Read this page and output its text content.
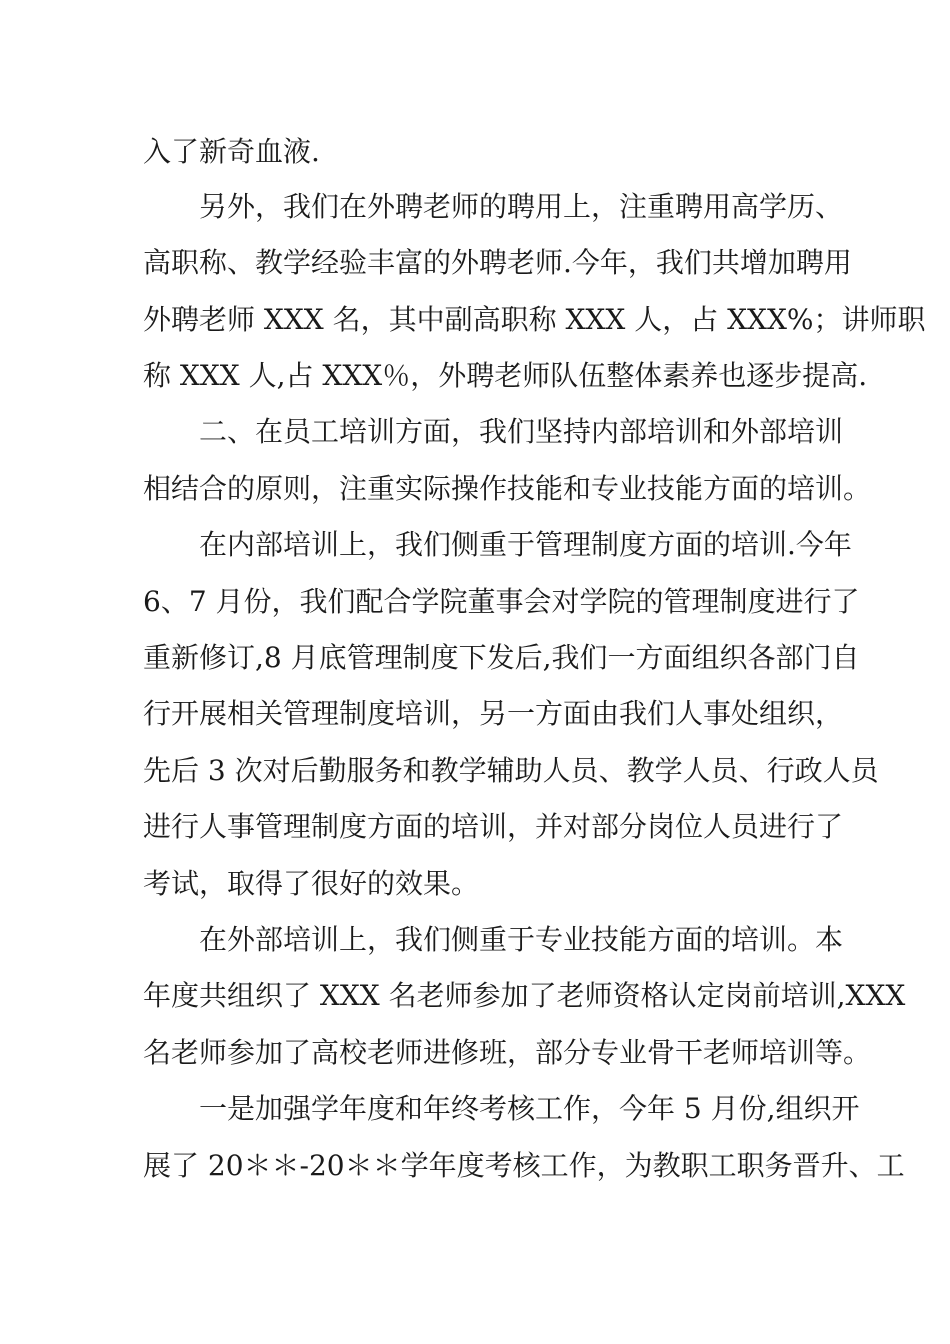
入了新奇血液.
另外，我们在外聘老师的聘用上，注重聘用高学历、
高职称、教学经验丰富的外聘老师.今年，我们共增加聘用
外聘老师 XXX 名，其中副高职称 XXX 人，占 XXX%；讲师职
称 XXX 人,占 XXX％，外聘老师队伍整体素养也逐步提高.
二、在员工培训方面，我们坚持内部培训和外部培训
相结合的原则，注重实际操作技能和专业技能方面的培训。
在内部培训上，我们侧重于管理制度方面的培训.今年
6、7 月份，我们配合学院董事会对学院的管理制度进行了
重新修订,8 月底管理制度下发后,我们一方面组织各部门自
行开展相关管理制度培训，另一方面由我们人事处组织，
先后 3 次对后勤服务和教学辅助人员、教学人员、行政人员
进行人事管理制度方面的培训，并对部分岗位人员进行了
考试，取得了很好的效果。
在外部培训上，我们侧重于专业技能方面的培训。本
年度共组织了 XXX 名老师参加了老师资格认定岗前培训,XXX
名老师参加了高校老师进修班，部分专业骨干老师培训等。
一是加强学年度和年终考核工作，今年 5 月份,组织开
展了 20＊＊-20＊＊学年度考核工作，为教职工职务晋升、工
